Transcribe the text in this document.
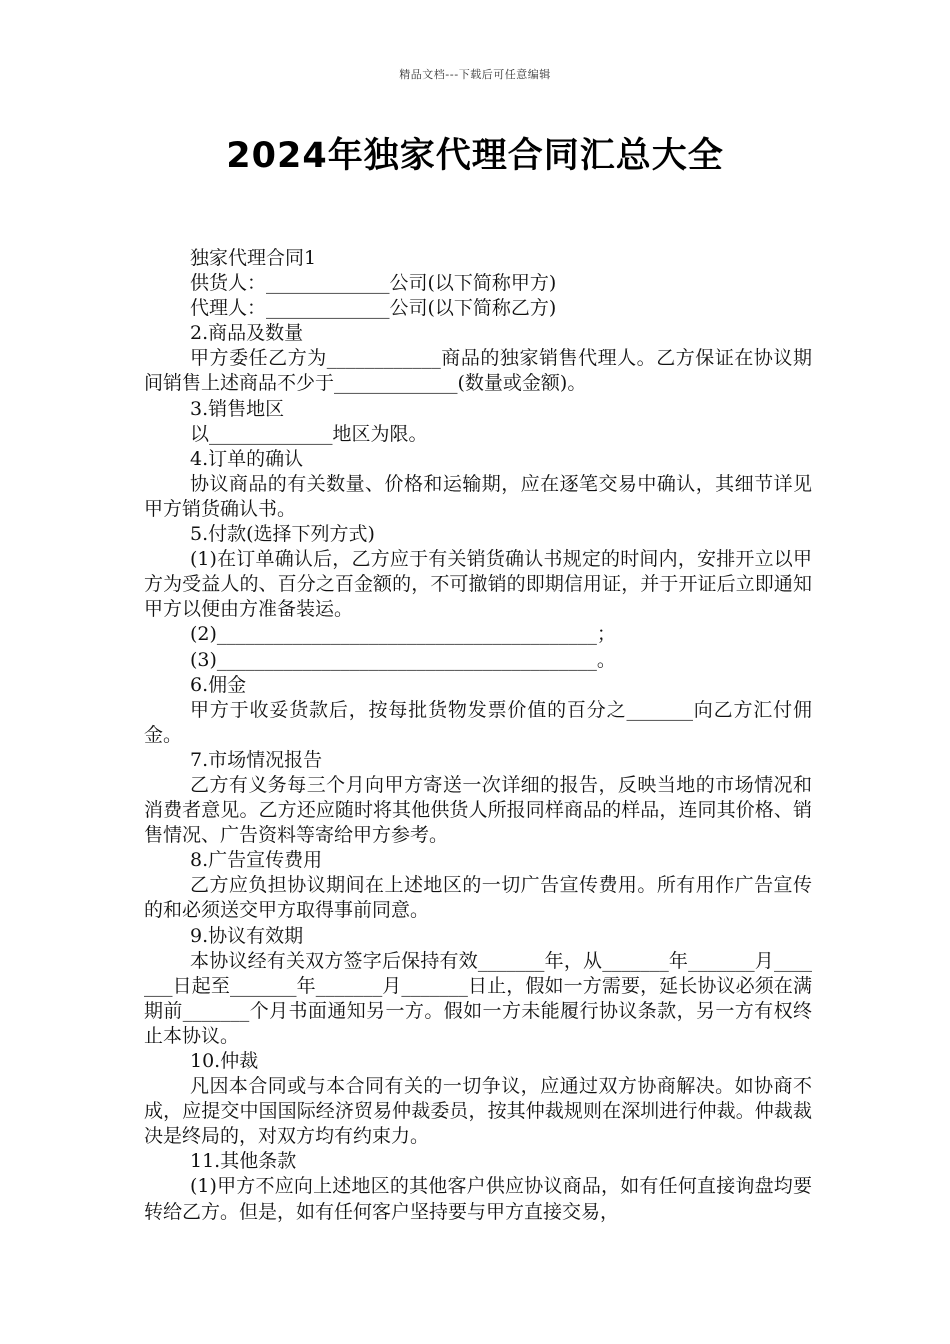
精品文档---下载后可任意编辑
2024年独家代理合同汇总大全

独家代理合同1

供货人：_____________公司(以下简称甲方)

代理人：_____________公司(以下简称乙方)

2.商品及数量

甲方委任乙方为____________商品的独家销售代理人。乙方保证在协议期间销售上述商品不少于_____________(数量或金额)。

3.销售地区

以_____________地区为限。

4.订单的确认

协议商品的有关数量、价格和运输期，应在逐笔交易中确认，其细节详见甲方销货确认书。

5.付款(选择下列方式)

(1)在订单确认后，乙方应于有关销货确认书规定的时间内，安排开立以甲方为受益人的、百分之百金额的，不可撤销的即期信用证，并于开证后立即通知甲方以便由方准备装运。

(2)________________________________________；

(3)________________________________________。

6.佣金

甲方于收妥货款后，按每批货物发票价值的百分之_______向乙方汇付佣金。

7.市场情况报告

乙方有义务每三个月向甲方寄送一次详细的报告，反映当地的市场情况和消费者意见。乙方还应随时将其他供货人所报同样商品的样品，连同其价格、销售情况、广告资料等寄给甲方参考。

8.广告宣传费用

乙方应负担协议期间在上述地区的一切广告宣传费用。所有用作广告宣传的和必须送交甲方取得事前同意。

9.协议有效期

本协议经有关双方签字后保持有效_______年，从_______年_______月_______日起至_______年_______月_______日止，假如一方需要，延长协议必须在满期前_______个月书面通知另一方。假如一方未能履行协议条款，另一方有权终止本协议。

10.仲裁

凡因本合同或与本合同有关的一切争议，应通过双方协商解决。如协商不成，应提交中国国际经济贸易仲裁委员，按其仲裁规则在深圳进行仲裁。仲裁裁决是终局的，对双方均有约束力。

11.其他条款

(1)甲方不应向上述地区的其他客户供应协议商品，如有任何直接询盘均要转给乙方。但是，如有任何客户坚持要与甲方直接交易，
